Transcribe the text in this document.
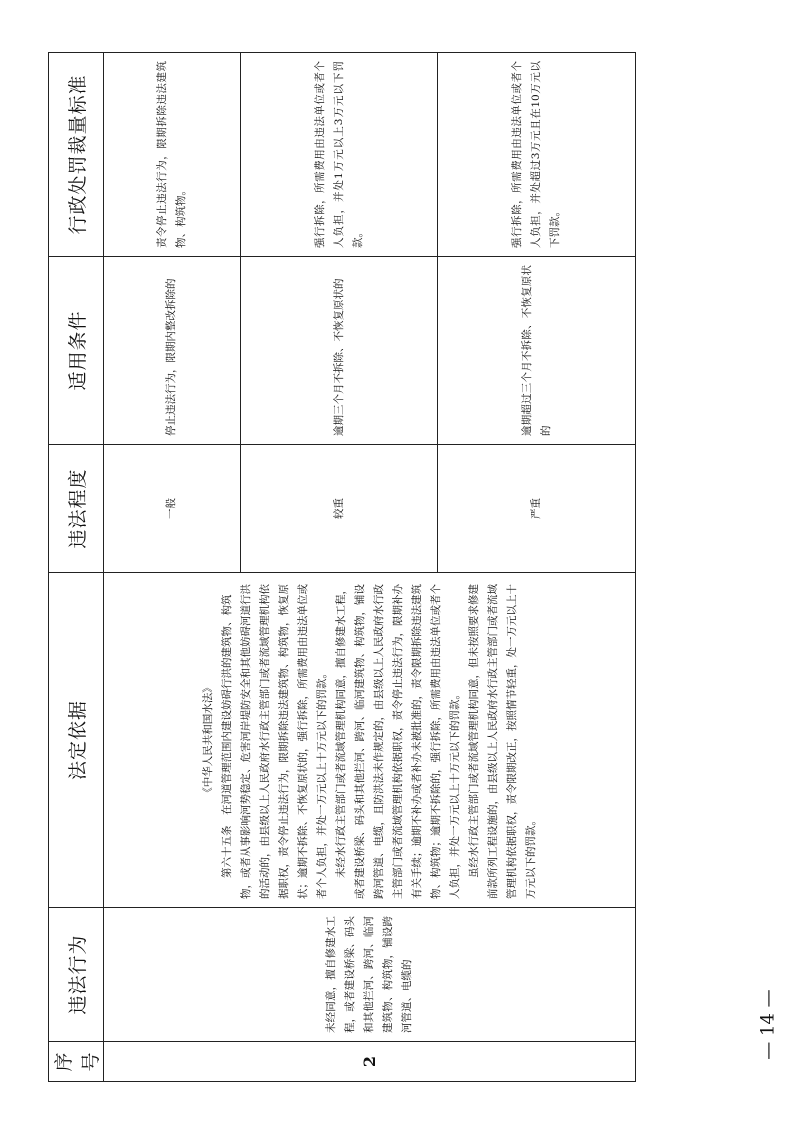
序号	违法行为	法定依据	违法程度	适用条件	行政处罚裁量标准
2	未经同意，擅自修建水工程，或者建设桥梁、码头和其他拦河、跨河、临河建筑物、构筑物，铺设跨河管道、电缆的	《中华人民共和国水法》 第六十五条　在河道管理范围内建设妨碍行洪的建筑物、构筑物，或者从事影响河势稳定、危害河岸堤防安全和其他妨碍河道行洪的活动的，由县级以上人民政府水行政主管部门或者流域管理机构依据职权，责令停止违法行为，限期拆除违法建筑物、构筑物，恢复原状；逾期不拆除、不恢复原状的，强行拆除，所需费用由违法单位或者个人负担，并处一万元以上十万元以下的罚款。 未经水行政主管部门或者流域管理机构同意，擅自修建水工程，或者建设桥梁、码头和其他拦河、跨河、临河建筑物、构筑物，铺设跨河管道、电缆，且防洪法未作规定的，由县级以上人民政府水行政主管部门或者流域管理机构依据职权，责令停止违法行为，限期补办有关手续；逾期不补办或者补办未被批准的，责令限期拆除违法建筑物、构筑物；逾期不拆除的，强行拆除，所需费用由违法单位或者个人负担，并处一万元以上十万元以下的罚款。 虽经水行政主管部门或者流域管理机构同意，但未按照要求修建前款所列工程设施的，由县级以上人民政府水行政主管部门或者流域管理机构依据职权，责令限期改正，按照情节轻重，处一万元以上十万元以下的罚款。	一般	停止违法行为，限期内整改拆除的	责令停止违法行为，限期拆除违法建筑物、构筑物。

			较重	逾期三个月不拆除、不恢复原状的	强行拆除，所需费用由违法单位或者个人负担，并处1万元以上3万元以下罚款。

			严重	逾期超过三个月不拆除、不恢复原状的	强行拆除，所需费用由违法单位或者个人负担，并处超过3万元且在10万元以下罚款。
— 14 —
